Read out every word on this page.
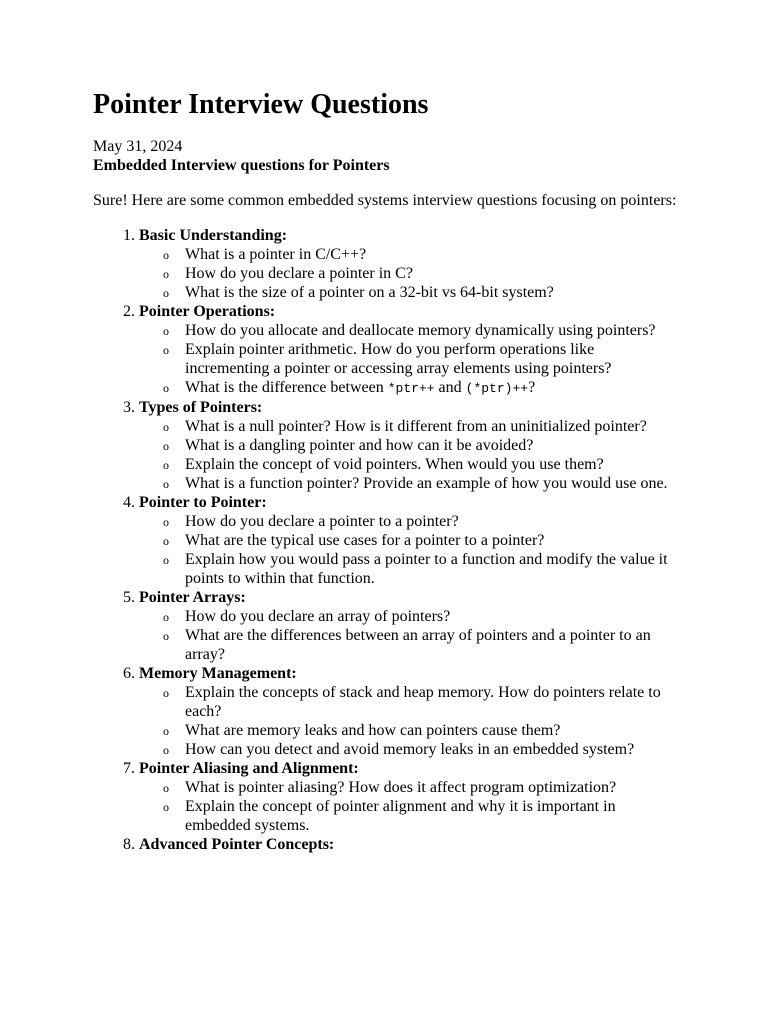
Pointer Interview Questions
May 31, 2024
Embedded Interview questions for Pointers

Sure! Here are some common embedded systems interview questions focusing on pointers:

1. Basic Understanding:
o What is a pointer in C/C++?
o How do you declare a pointer in C?
o What is the size of a pointer on a 32-bit vs 64-bit system?
2. Pointer Operations:
o How do you allocate and deallocate memory dynamically using pointers?
o Explain pointer arithmetic. How do you perform operations like incrementing a pointer or accessing array elements using pointers?
o What is the difference between *ptr++ and (*ptr)++?
3. Types of Pointers:
o What is a null pointer? How is it different from an uninitialized pointer?
o What is a dangling pointer and how can it be avoided?
o Explain the concept of void pointers. When would you use them?
o What is a function pointer? Provide an example of how you would use one.
4. Pointer to Pointer:
o How do you declare a pointer to a pointer?
o What are the typical use cases for a pointer to a pointer?
o Explain how you would pass a pointer to a function and modify the value it points to within that function.
5. Pointer Arrays:
o How do you declare an array of pointers?
o What are the differences between an array of pointers and a pointer to an array?
6. Memory Management:
o Explain the concepts of stack and heap memory. How do pointers relate to each?
o What are memory leaks and how can pointers cause them?
o How can you detect and avoid memory leaks in an embedded system?
7. Pointer Aliasing and Alignment:
o What is pointer aliasing? How does it affect program optimization?
o Explain the concept of pointer alignment and why it is important in embedded systems.
8. Advanced Pointer Concepts:
